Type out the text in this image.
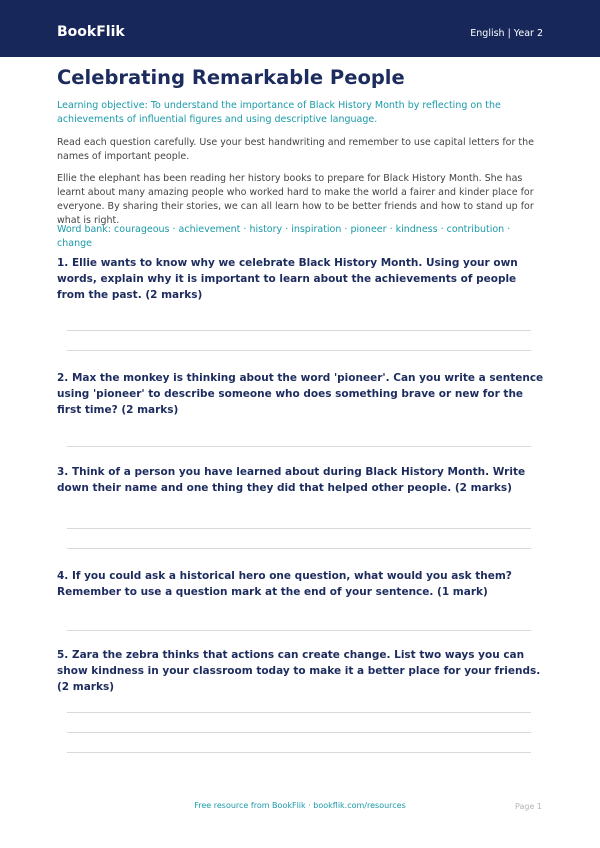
BookFlik	English | Year 2
Celebrating Remarkable People

Learning objective: To understand the importance of Black History Month by reflecting on the achievements of influential figures and using descriptive language.

Read each question carefully. Use your best handwriting and remember to use capital letters for the names of important people.

Ellie the elephant has been reading her history books to prepare for Black History Month. She has learnt about many amazing people who worked hard to make the world a fairer and kinder place for everyone. By sharing their stories, we can all learn how to be better friends and how to stand up for what is right.

Word bank: courageous · achievement · history · inspiration · pioneer · kindness · contribution · change

1. Ellie wants to know why we celebrate Black History Month. Using your own words, explain why it is important to learn about the achievements of people from the past. (2 marks)

2. Max the monkey is thinking about the word 'pioneer'. Can you write a sentence using 'pioneer' to describe someone who does something brave or new for the first time? (2 marks)

3. Think of a person you have learned about during Black History Month. Write down their name and one thing they did that helped other people. (2 marks)

4. If you could ask a historical hero one question, what would you ask them? Remember to use a question mark at the end of your sentence. (1 mark)

5. Zara the zebra thinks that actions can create change. List two ways you can show kindness in your classroom today to make it a better place for your friends. (2 marks)

Free resource from BookFlik · bookflik.com/resources	Page 1
